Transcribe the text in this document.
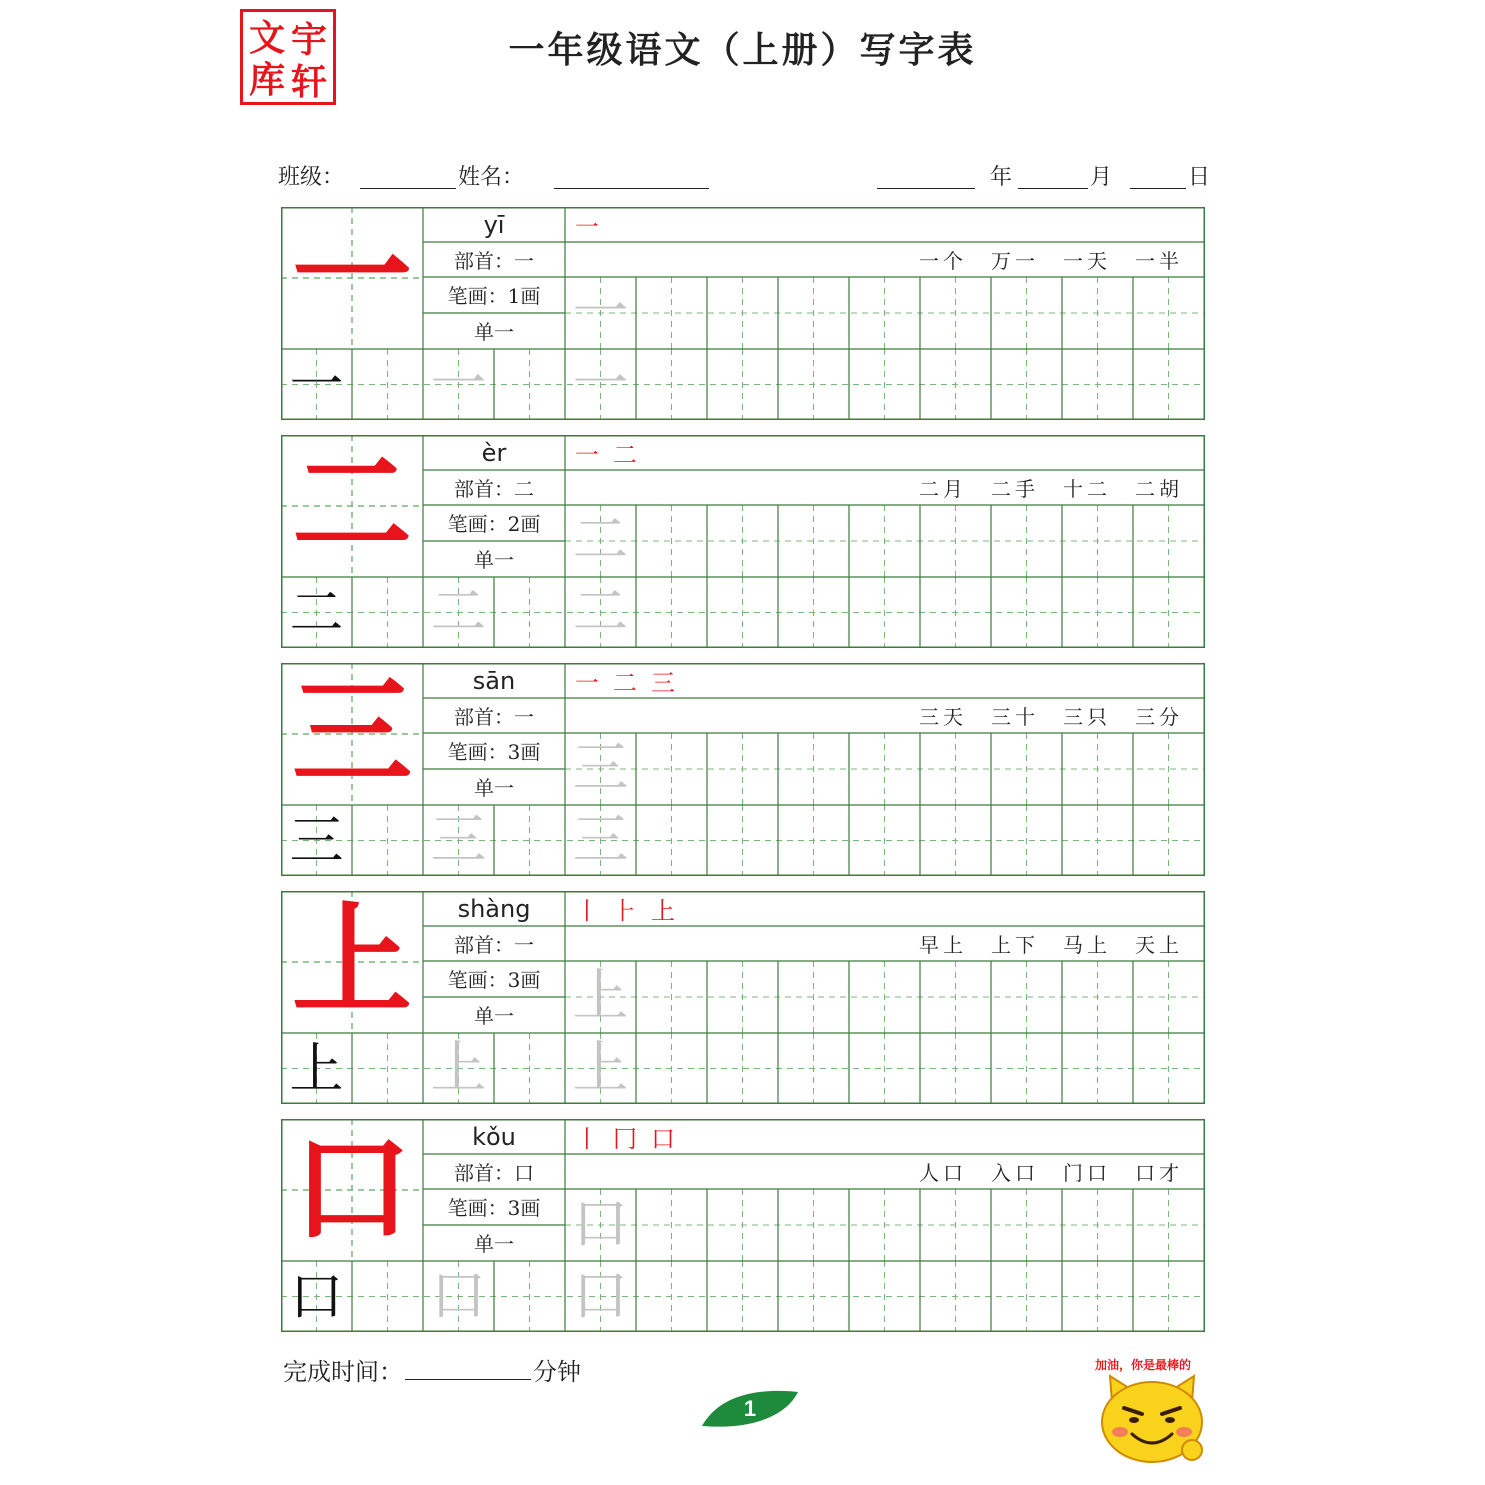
文 宇
库 轩
一年级语文（上册）写字表
班级：	姓名：	年	月	日
一
一 一 一
一
yī
部首：一
笔画：1画
单一
一
一个 万一 一天 一半
二
二 二 二
二
èr
部首：二
笔画：2画
单一
一 二
二月 二手 十二 二胡
三
三 三 三
三
sān
部首：一
笔画：3画
单一
一 二 三
三天 三十 三只 三分
上
上 上 上
上
shàng
部首：一
笔画：3画
单一
丨 ⺊ 上
早上 上下 马上 天上
口
口 口 口
口
kǒu
部首：口
笔画：3画
单一
丨 冂 口
人口 入口 门口 口才
完成时间：	分钟
1
加油，你是最棒的
